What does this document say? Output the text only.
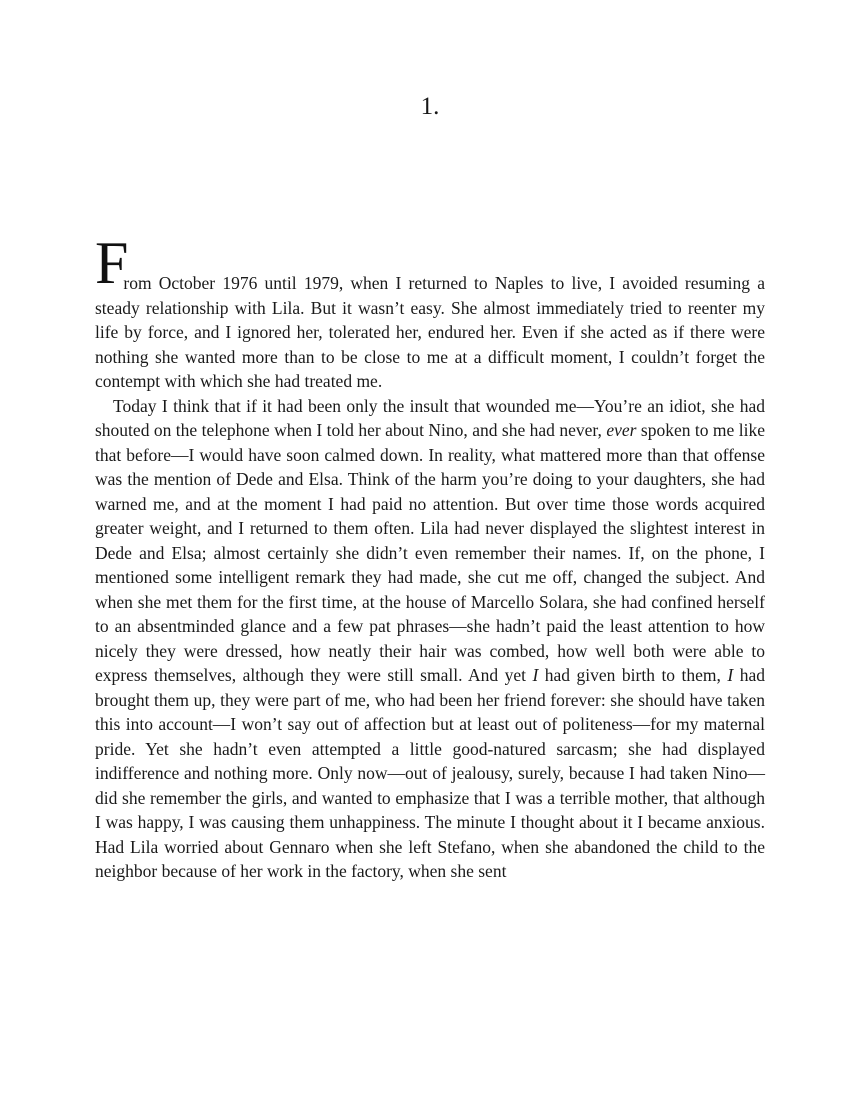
1.

From October 1976 until 1979, when I returned to Naples to live, I avoided resuming a steady relationship with Lila. But it wasn’t easy. She almost immediately tried to reenter my life by force, and I ignored her, tolerated her, endured her. Even if she acted as if there were nothing she wanted more than to be close to me at a difficult moment, I couldn’t forget the contempt with which she had treated me.

Today I think that if it had been only the insult that wounded me—You’re an idiot, she had shouted on the telephone when I told her about Nino, and she had never, ever spoken to me like that before—I would have soon calmed down. In reality, what mattered more than that offense was the mention of Dede and Elsa. Think of the harm you’re doing to your daughters, she had warned me, and at the moment I had paid no attention. But over time those words acquired greater weight, and I returned to them often. Lila had never displayed the slightest interest in Dede and Elsa; almost certainly she didn’t even remember their names. If, on the phone, I mentioned some intelligent remark they had made, she cut me off, changed the subject. And when she met them for the first time, at the house of Marcello Solara, she had confined herself to an absentminded glance and a few pat phrases—she hadn’t paid the least attention to how nicely they were dressed, how neatly their hair was combed, how well both were able to express themselves, although they were still small. And yet I had given birth to them, I had brought them up, they were part of me, who had been her friend forever: she should have taken this into account—I won’t say out of affection but at least out of politeness—for my maternal pride. Yet she hadn’t even attempted a little good-natured sarcasm; she had displayed indifference and nothing more. Only now—out of jealousy, surely, because I had taken Nino—did she remember the girls, and wanted to emphasize that I was a terrible mother, that although I was happy, I was causing them unhappiness. The minute I thought about it I became anxious. Had Lila worried about Gennaro when she left Stefano, when she abandoned the child to the neighbor because of her work in the factory, when she sent
